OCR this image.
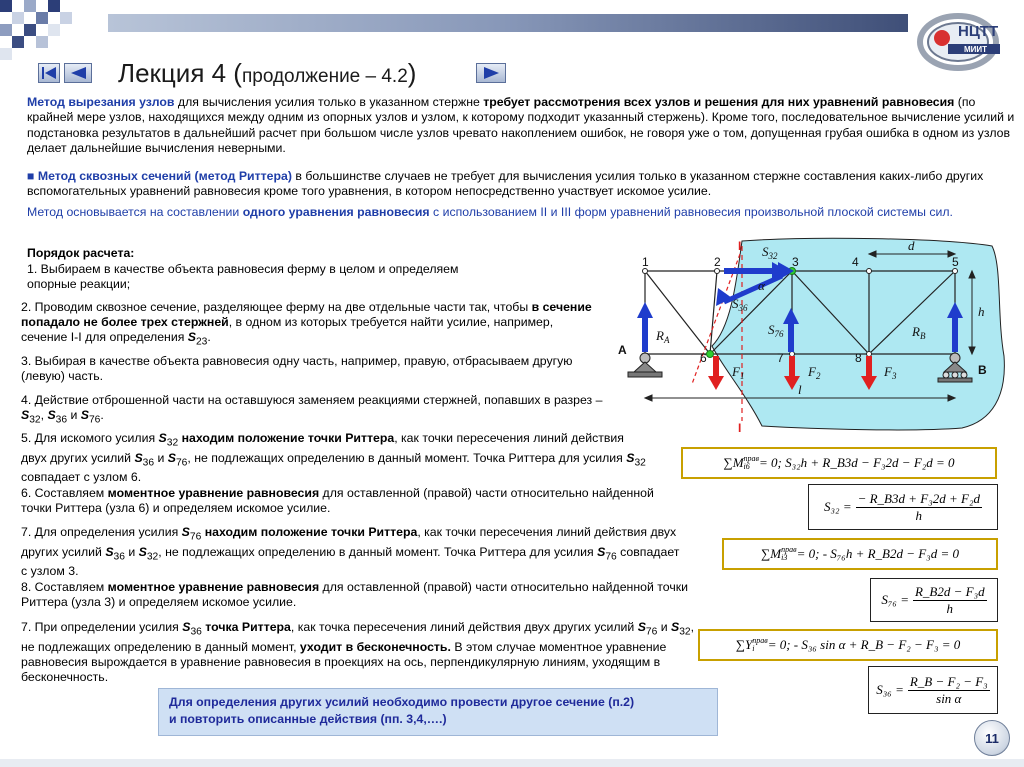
Лекция 4 (продолжение – 4.2)
НЦТТ
МИИТ
Метод вырезания узлов для вычисления усилия только в указанном стержне требует рассмотрения всех узлов и решения для них уравнений равновесия (по крайней мере узлов, находящихся между одним из опорных узлов и узлом, к которому подходит указанный стержень). Кроме того, последовательное вычисление усилий и подстановка результатов в дальнейший расчет при большом числе узлов чревато накоплением ошибок, не говоря уже о том, допущенная грубая ошибка в одном из узлов делает дальнейшие вычисления неверными.
■ Метод сквозных сечений (метод Риттера) в большинстве случаев не требует для вычисления усилия только в указанном стержне составления каких-либо других вспомогательных уравнений равновесия кроме того уравнения, в котором непосредственно участвует искомое усилие.
Метод основывается на составлении одного уравнения равновесия с использованием II и III форм уравнений равновесия произвольной плоской системы сил.
Порядок расчета:
1. Выбираем в качестве объекта равновесия ферму в целом и определяем опорные реакции;
2. Проводим сквозное сечение, разделяющее ферму на две отдельные части так, чтобы в сечение попадало не более трех стержней, в одном из которых требуется найти усилие, например, сечение I-I для определения $S_{23}$.
3. Выбирая в качестве объекта равновесия одну часть, например, правую, отбрасываем другую (левую) часть.
4. Действие отброшенной части на оставшуюся заменяем реакциями стержней, попавших в разрез – $S_{32}$, $S_{36}$ и $S_{76}$.
5. Для искомого усилия $S_{32}$ находим положение точки Риттера, как точки пересечения линий действия двух других усилий $S_{36}$ и $S_{76}$, не подлежащих определению в данный момент. Точка Риттера для усилия $S_{32}$ совпадает с узлом 6.
6. Составляем моментное уравнение равновесия для оставленной (правой) части относительно найденной точки Риттера (узла 6) и определяем искомое усилие.
7. Для определения усилия $S_{76}$ находим положение точки Риттера, как точки пересечения линий действия двух других усилий $S_{36}$ и $S_{32}$, не подлежащих определению в данный момент. Точка Риттера для усилия $S_{76}$ совпадает с узлом 3.
8. Составляем моментное уравнение равновесия для оставленной (правой) части относительно найденной точки Риттера (узла 3) и определяем искомое усилие.
7. При определении усилия $S_{36}$ точка Риттера, как точка пересечения линий действия двух других усилий $S_{76}$ и $S_{32}$, не подлежащих определению в данный момент, уходит в бесконечность. В этом случае моментное уравнение равновесия вырождается в уравнение равновесия в проекциях на ось, перпендикулярную линиям, уходящим в бесконечность.
Для определения других усилий необходимо провести другое сечение (п.2)
и повторить описанные действия (пп. 3,4,….)
∑M прав
i6 = 0; S₃₂h + R_B3d − F₃2d − F₂d = 0
$S_{32} = \frac{\text{− R\_B3d + F₃2d + F₂d}}{h}$
∑M прав
i3 = 0; - S₇₆h + R_B2d − F₃d = 0
$S_{76} = \frac{\text{R\_B2d − F₃d}}{h}$
∑Y прав
i	= 0; - S₃₆ sin α + R_B − F₂ − F₃ = 0
$S_{36} = \frac{\text{R\_B − F₂ − F₃}}{\text{sin α}}$
1	2	3	4	5
6	7	8
A
B
$R_A$
$R_B$
$F_1$	$F_2$	$F_3$
$S_{32}$
$S_{36}$
$S_{76}$
α
d
h
l
I
I
11
